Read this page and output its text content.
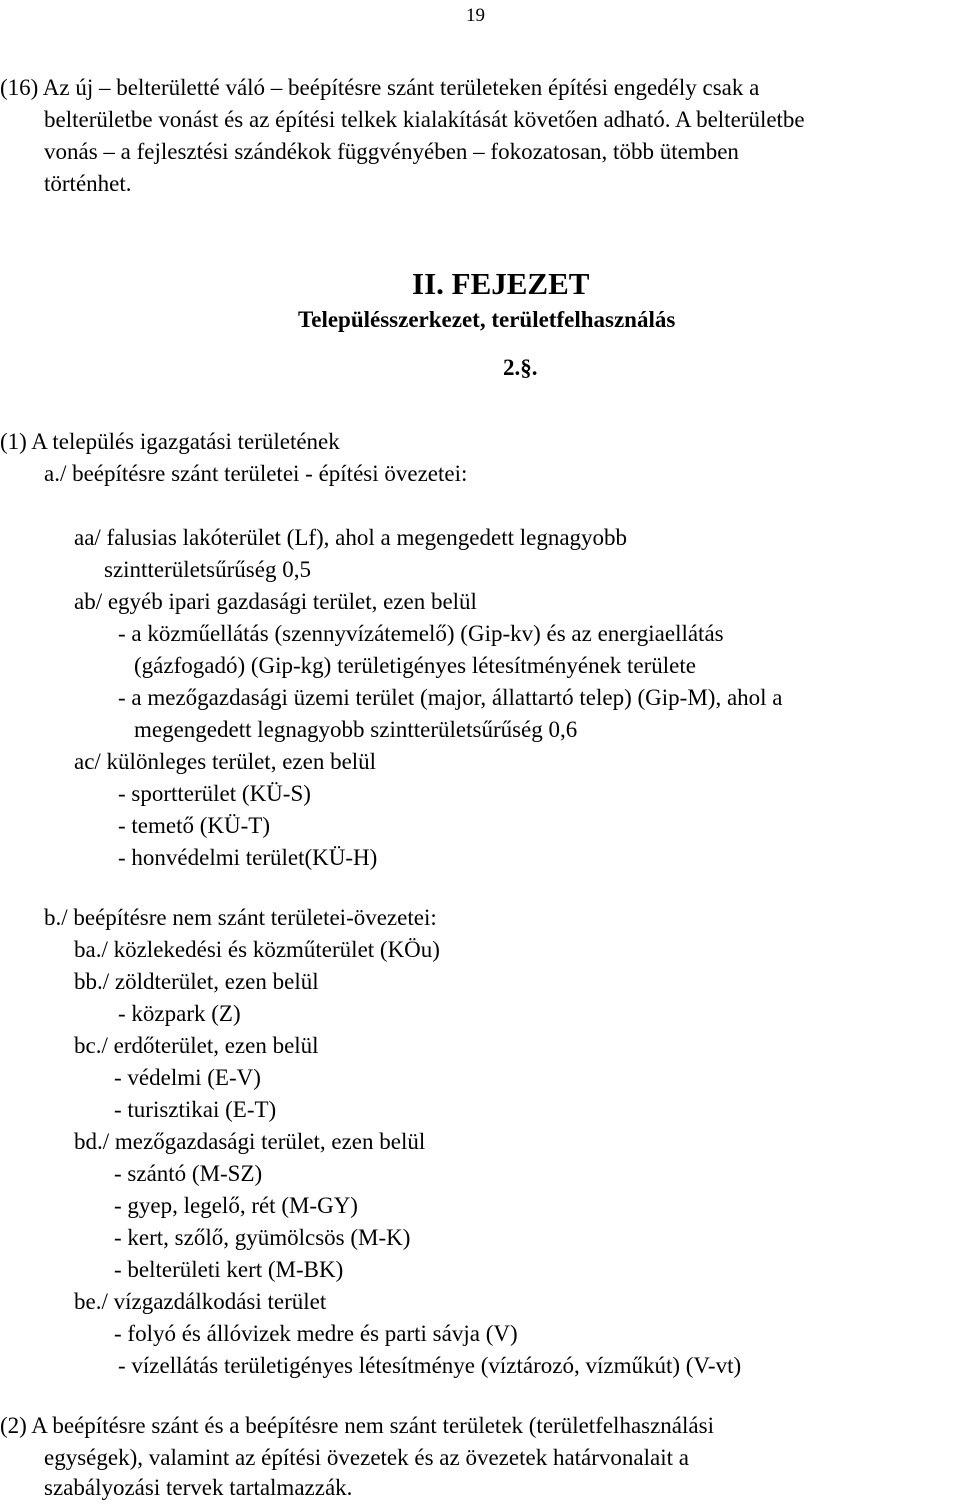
19
(16) Az új – belterületté váló – beépítésre szánt területeken építési engedély csak a
belterületbe vonást és az építési telkek kialakítását követően adható. A belterületbe
vonás – a fejlesztési szándékok függvényében – fokozatosan, több ütemben
történhet.
II. FEJEZET
Településszerkezet, területfelhasználás
2.§.
(1) A település igazgatási területének
a./ beépítésre szánt területei - építési övezetei:
aa/ falusias lakóterület (Lf), ahol a megengedett legnagyobb
szintterületsűrűség 0,5
ab/ egyéb ipari gazdasági terület, ezen belül
- a közműellátás (szennyvízátemelő) (Gip-kv) és az energiaellátás
(gázfogadó) (Gip-kg) területigényes létesítményének területe
- a mezőgazdasági üzemi terület (major, állattartó telep) (Gip-M), ahol a
megengedett legnagyobb szintterületsűrűség 0,6
ac/ különleges terület, ezen belül
- sportterület (KÜ-S)
- temető (KÜ-T)
- honvédelmi terület(KÜ-H)
b./ beépítésre nem szánt területei-övezetei:
ba./ közlekedési és közműterület (KÖu)
bb./ zöldterület, ezen belül
- közpark (Z)
bc./ erdőterület, ezen belül
- védelmi (E-V)
- turisztikai (E-T)
bd./ mezőgazdasági terület, ezen belül
- szántó (M-SZ)
- gyep, legelő, rét (M-GY)
- kert, szőlő, gyümölcsös (M-K)
- belterületi kert (M-BK)
be./ vízgazdálkodási terület
- folyó és állóvizek medre és parti sávja (V)
- vízellátás területigényes létesítménye (víztározó, vízműkút) (V-vt)
(2) A beépítésre szánt és a beépítésre nem szánt területek (területfelhasználási
egységek), valamint az építési övezetek és az övezetek határvonalait a
szabályozási tervek tartalmazzák.
